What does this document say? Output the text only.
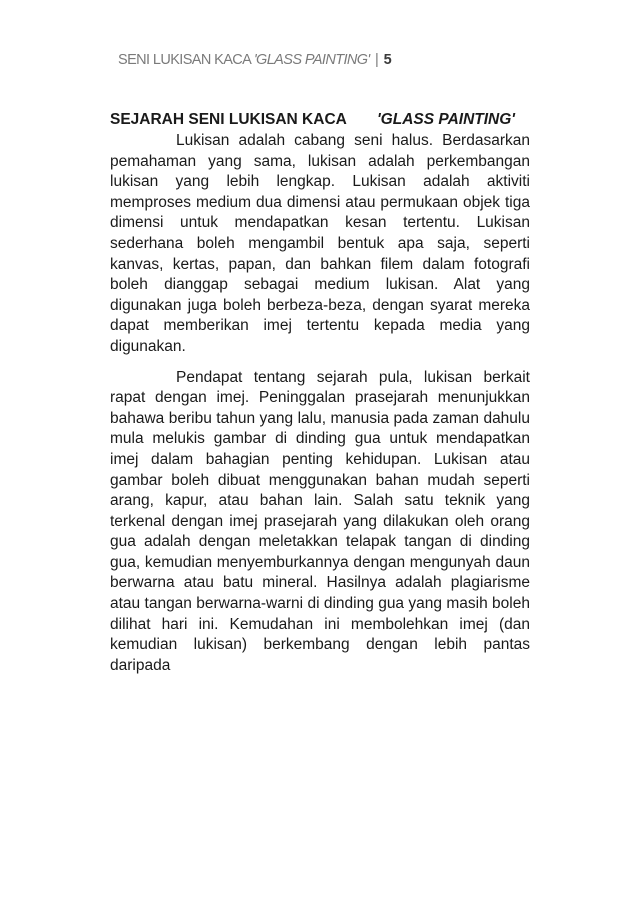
SENI LUKISAN KACA 'GLASS PAINTING' | 5
SEJARAH SENI LUKISAN KACA 'GLASS PAINTING'

Lukisan adalah cabang seni halus. Berdasarkan pemahaman yang sama, lukisan adalah perkembangan lukisan yang lebih lengkap. Lukisan adalah aktiviti memproses medium dua dimensi atau permukaan objek tiga dimensi untuk mendapatkan kesan tertentu. Lukisan sederhana boleh mengambil bentuk apa saja, seperti kanvas, kertas, papan, dan bahkan filem dalam fotografi boleh dianggap sebagai medium lukisan. Alat yang digunakan juga boleh berbeza-beza, dengan syarat mereka dapat memberikan imej tertentu kepada media yang digunakan.

Pendapat tentang sejarah pula, lukisan berkait rapat dengan imej. Peninggalan prasejarah menunjukkan bahawa beribu tahun yang lalu, manusia pada zaman dahulu mula melukis gambar di dinding gua untuk mendapatkan imej dalam bahagian penting kehidupan. Lukisan atau gambar boleh dibuat menggunakan bahan mudah seperti arang, kapur, atau bahan lain. Salah satu teknik yang terkenal dengan imej prasejarah yang dilakukan oleh orang gua adalah dengan meletakkan telapak tangan di dinding gua, kemudian menyemburkannya dengan mengunyah daun berwarna atau batu mineral. Hasilnya adalah plagiarisme atau tangan berwarna-warni di dinding gua yang masih boleh dilihat hari ini. Kemudahan ini membolehkan imej (dan kemudian lukisan) berkembang dengan lebih pantas daripada
